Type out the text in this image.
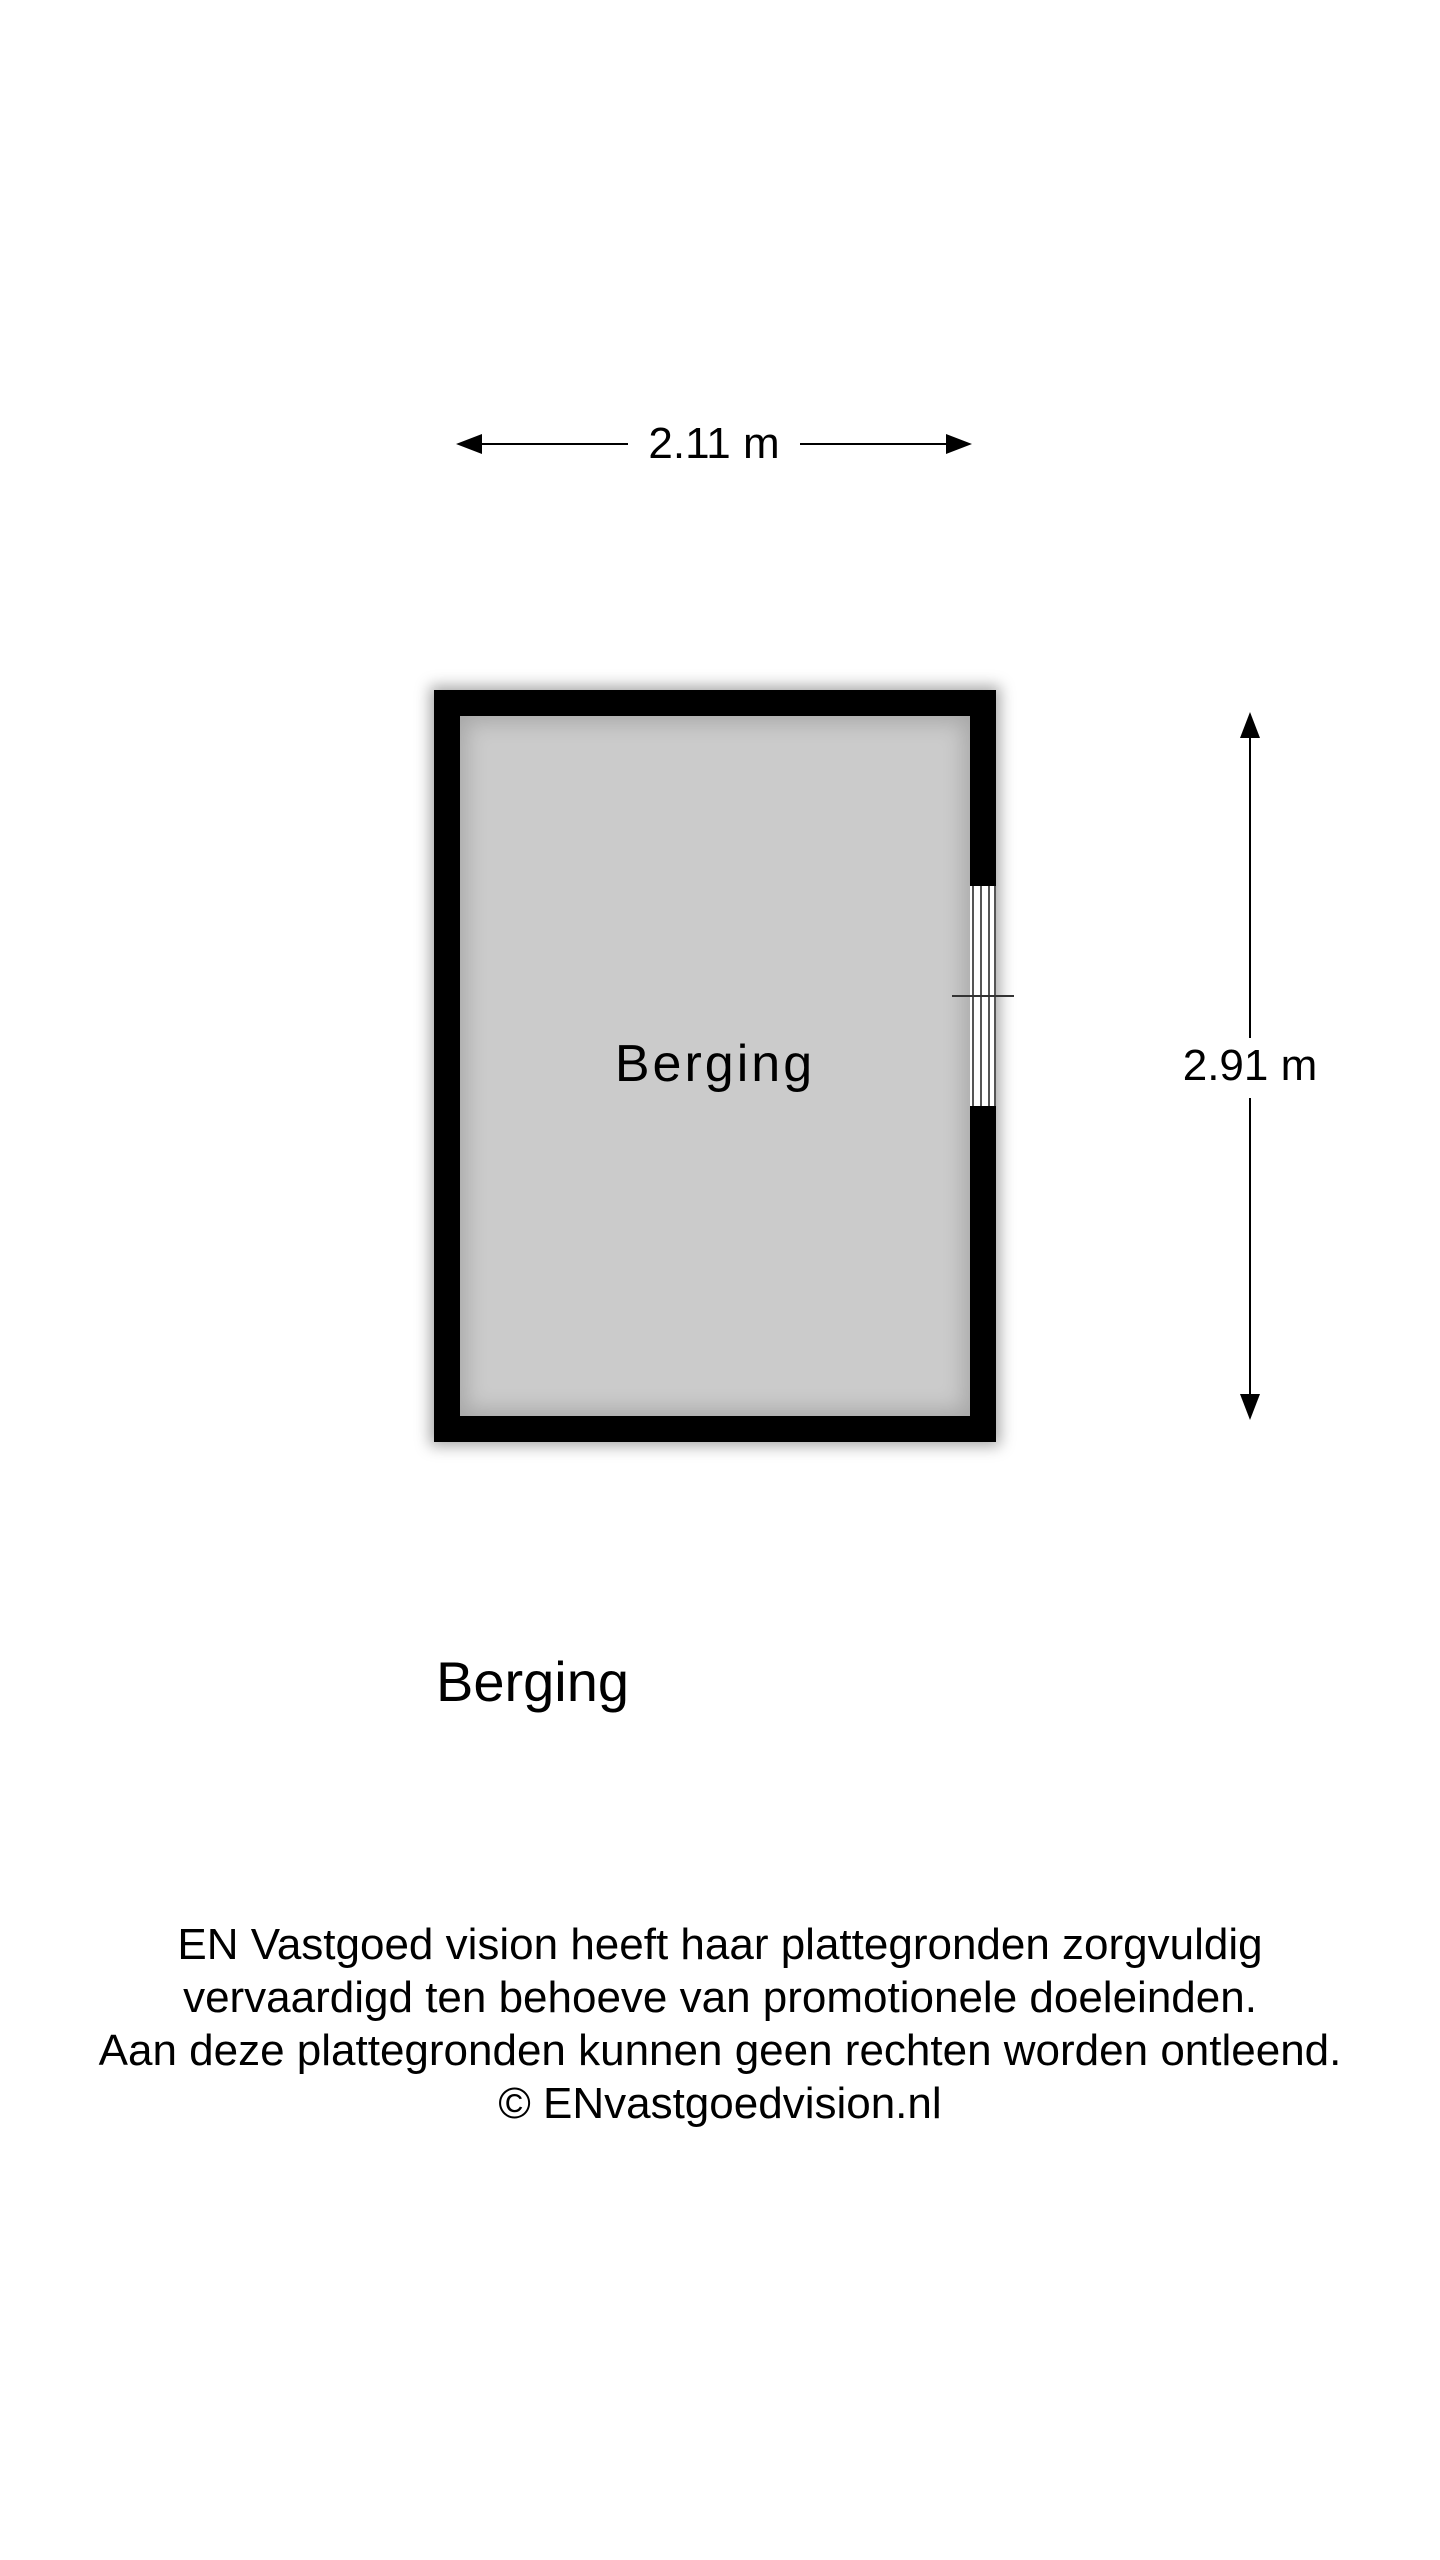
2.11 m
Berging	2.91 m
Berging
EN Vastgoed vision heeft haar plattegronden zorgvuldig
vervaardigd ten behoeve van promotionele doeleinden.
Aan deze plattegronden kunnen geen rechten worden ontleend.
© ENvastgoedvision.nl
